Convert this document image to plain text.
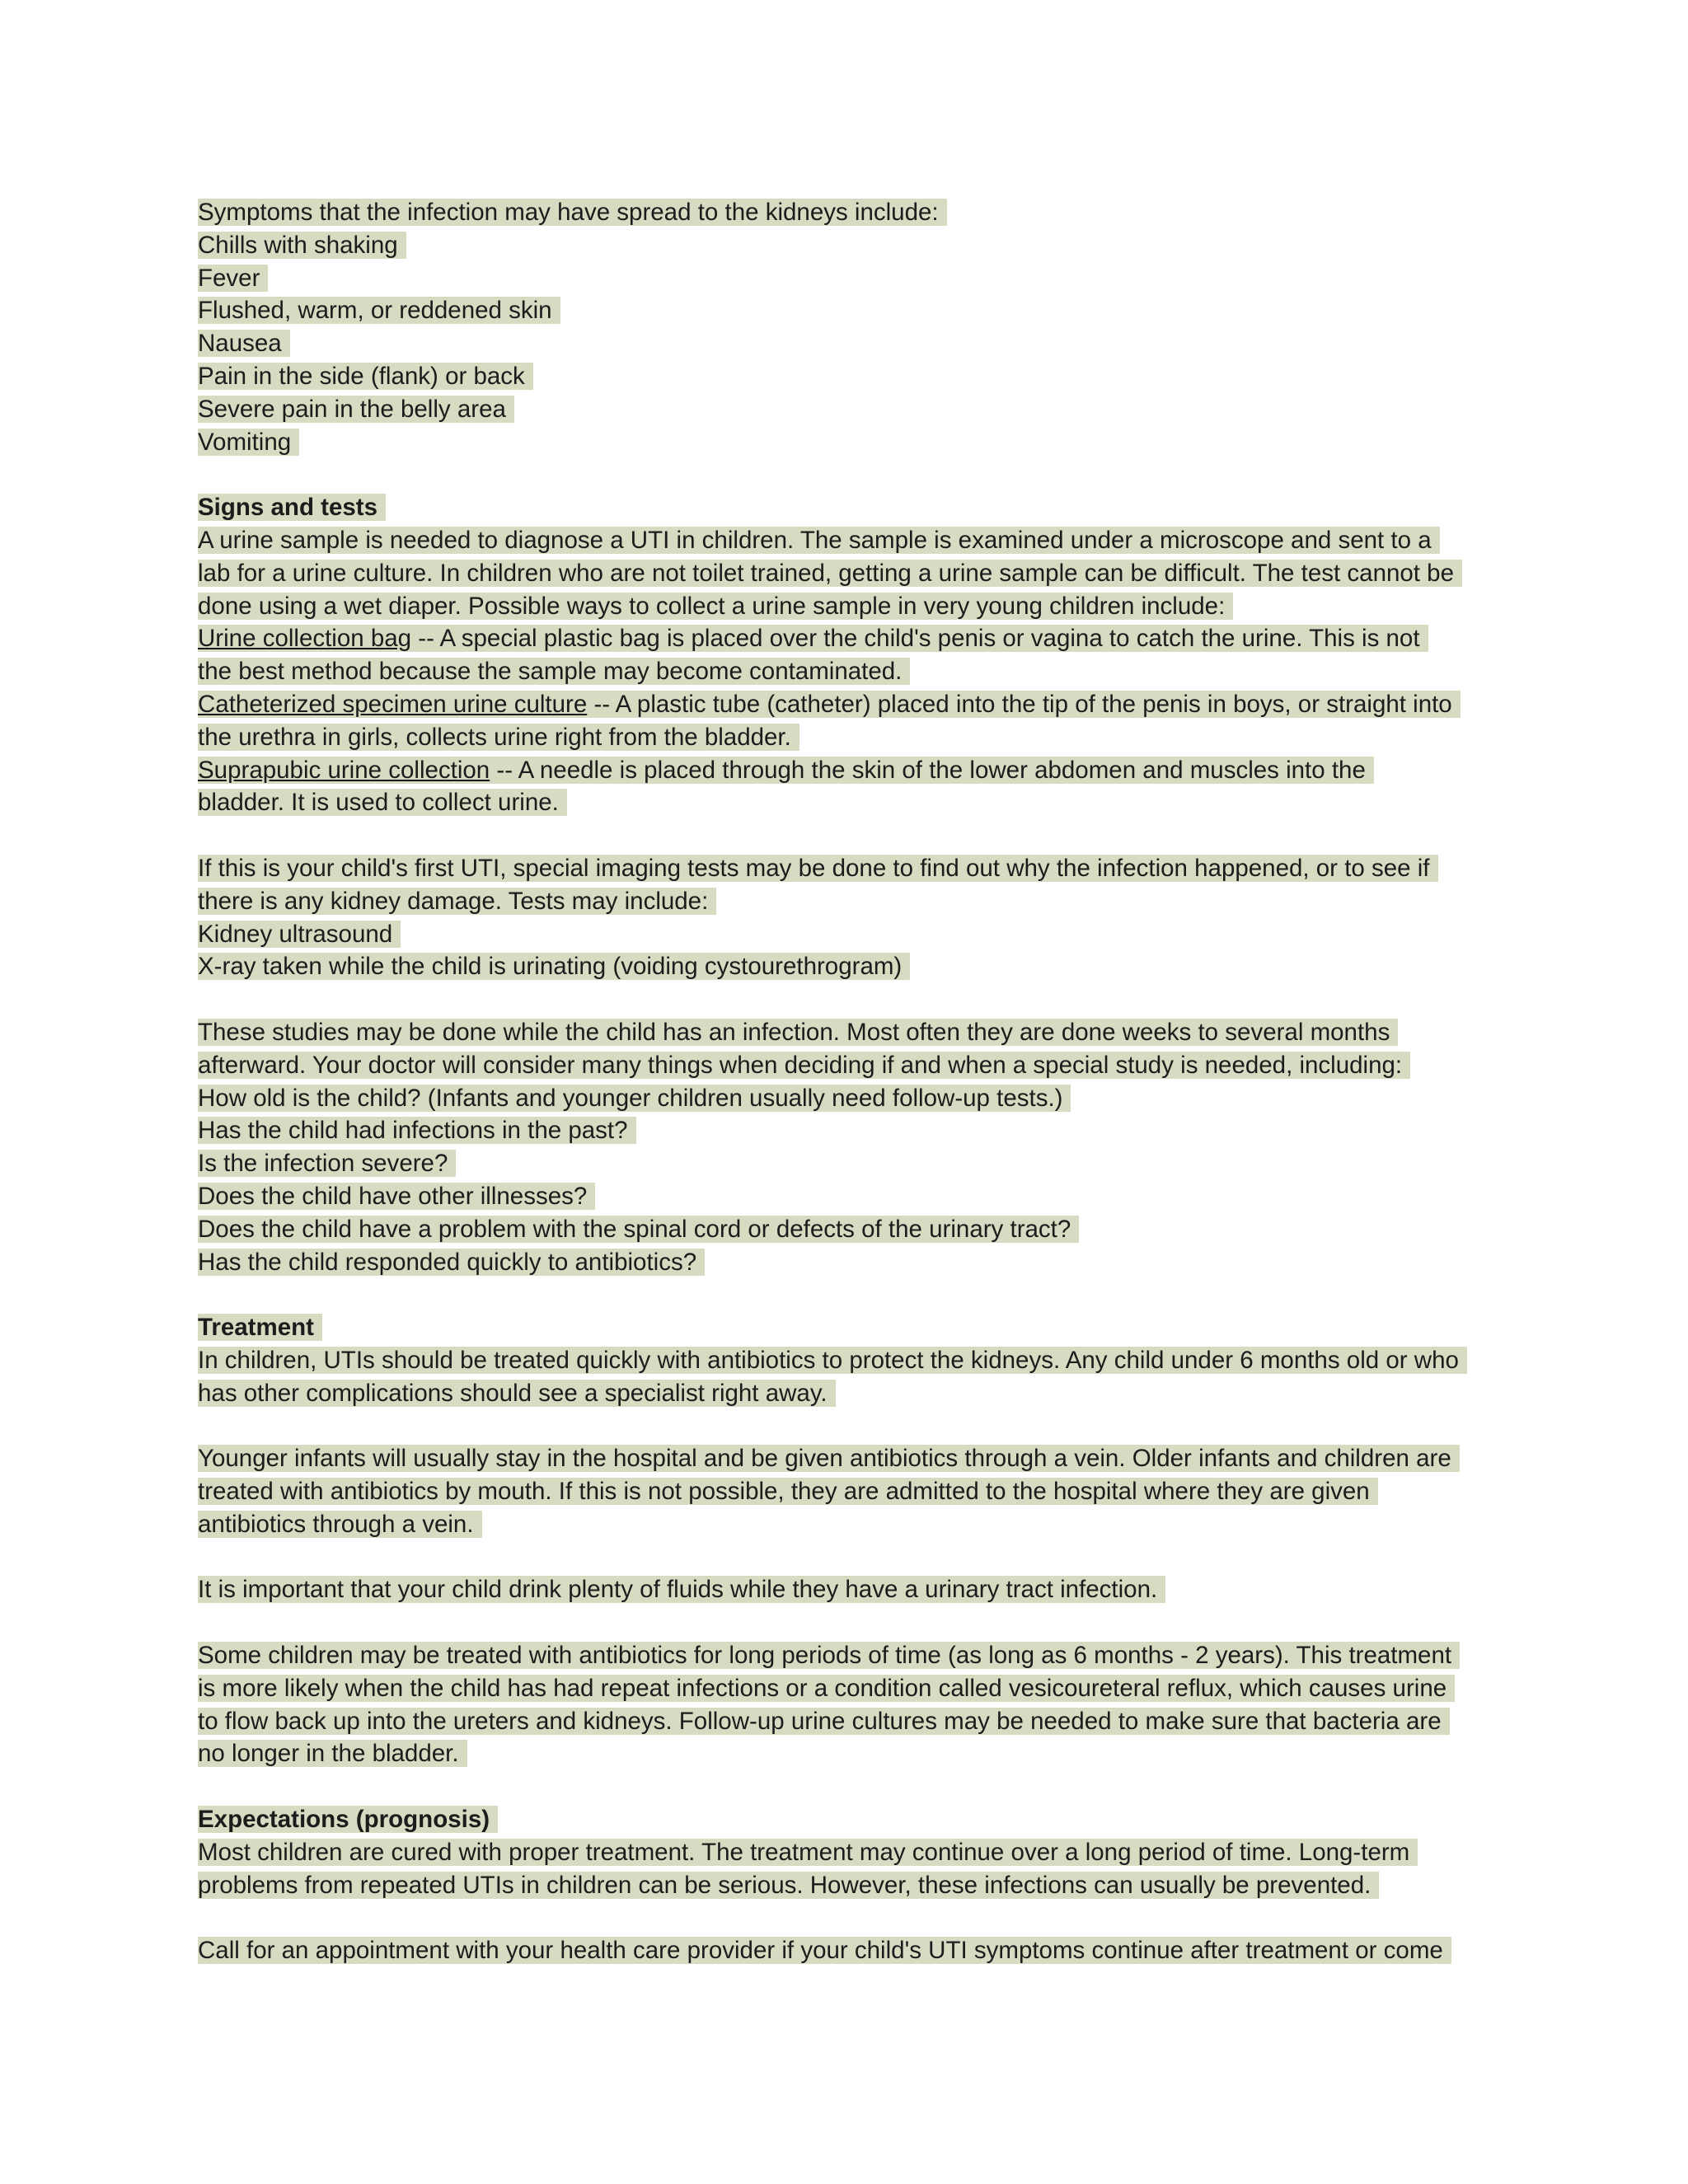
Symptoms that the infection may have spread to the kidneys include:
Chills with shaking
Fever
Flushed, warm, or reddened skin
Nausea
Pain in the side (flank) or back
Severe pain in the belly area
Vomiting
Signs and tests
A urine sample is needed to diagnose a UTI in children. The sample is examined under a microscope and sent to a
lab for a urine culture. In children who are not toilet trained, getting a urine sample can be difficult. The test cannot be
done using a wet diaper. Possible ways to collect a urine sample in very young children include:
Urine collection bag -- A special plastic bag is placed over the child's penis or vagina to catch the urine. This is not
the best method because the sample may become contaminated.
Catheterized specimen urine culture -- A plastic tube (catheter) placed into the tip of the penis in boys, or straight into
the urethra in girls, collects urine right from the bladder.
Suprapubic urine collection -- A needle is placed through the skin of the lower abdomen and muscles into the
bladder. It is used to collect urine.
If this is your child's first UTI, special imaging tests may be done to find out why the infection happened, or to see if
there is any kidney damage. Tests may include:
Kidney ultrasound
X-ray taken while the child is urinating (voiding cystourethrogram)
These studies may be done while the child has an infection. Most often they are done weeks to several months
afterward. Your doctor will consider many things when deciding if and when a special study is needed, including:
How old is the child? (Infants and younger children usually need follow-up tests.)
Has the child had infections in the past?
Is the infection severe?
Does the child have other illnesses?
Does the child have a problem with the spinal cord or defects of the urinary tract?
Has the child responded quickly to antibiotics?
Treatment
In children, UTIs should be treated quickly with antibiotics to protect the kidneys. Any child under 6 months old or who
has other complications should see a specialist right away.
Younger infants will usually stay in the hospital and be given antibiotics through a vein. Older infants and children are
treated with antibiotics by mouth. If this is not possible, they are admitted to the hospital where they are given
antibiotics through a vein.
It is important that your child drink plenty of fluids while they have a urinary tract infection.
Some children may be treated with antibiotics for long periods of time (as long as 6 months - 2 years). This treatment
is more likely when the child has had repeat infections or a condition called vesicoureteral reflux, which causes urine
to flow back up into the ureters and kidneys. Follow-up urine cultures may be needed to make sure that bacteria are
no longer in the bladder.
Expectations (prognosis)
Most children are cured with proper treatment. The treatment may continue over a long period of time. Long-term
problems from repeated UTIs in children can be serious. However, these infections can usually be prevented.
Call for an appointment with your health care provider if your child's UTI symptoms continue after treatment or come
